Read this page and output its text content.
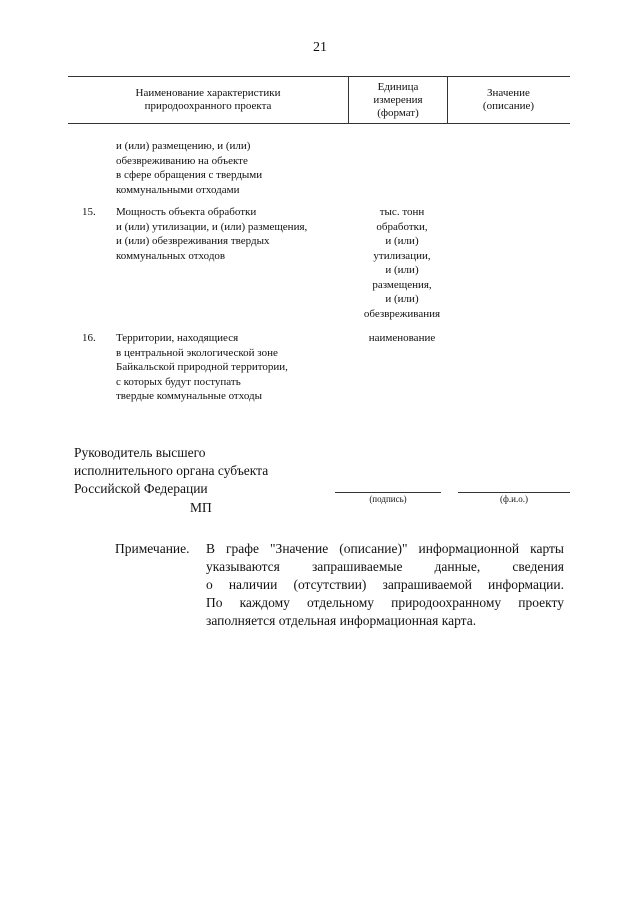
21
Наименование характеристики
природоохранного проекта
Единица
измерения
(формат)
Значение
(описание)
и (или) размещению, и (или)
обезвреживанию на объекте
в сфере обращения с твердыми
коммунальными отходами
15. Мощность объекта обработки
и (или) утилизации, и (или) размещения,
и (или) обезвреживания твердых
коммунальных отходов
тыс. тонн
обработки,
и (или)
утилизации,
и (или)
размещения,
и (или)
обезвреживания
16. Территории, находящиеся
в центральной экологической зоне
Байкальской природной территории,
с которых будут поступать
твердые коммунальные отходы
наименование
Руководитель высшего
исполнительного органа субъекта
Российской Федерации
(подпись)	(ф.и.о.)
МП
Примечание. В графе "Значение (описание)" информационной карты
указываются запрашиваемые данные, сведения
о наличии (отсутствии) запрашиваемой информации.
По каждому отдельному природоохранному проекту
заполняется отдельная информационная карта.
